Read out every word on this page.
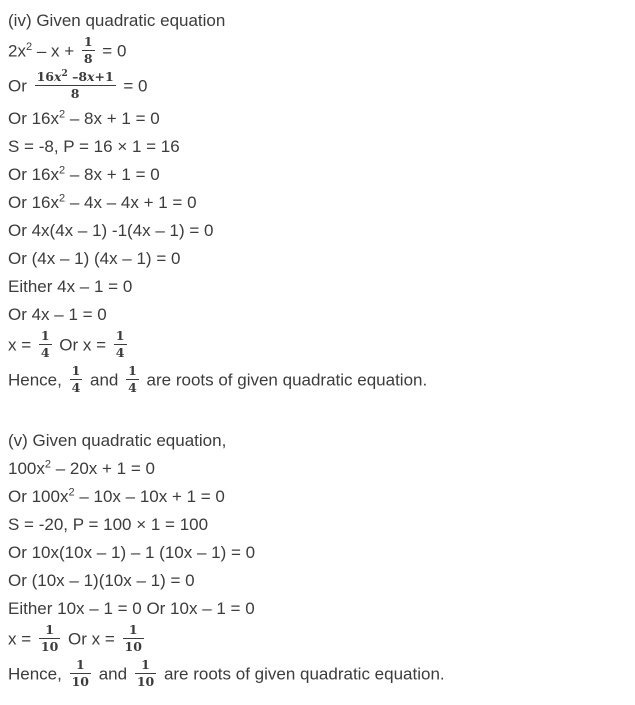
(iv) Given quadratic equation
$2x^2 - x + \frac{1}{8} = 0$
Or $\frac{16x^2 -8x+1}{8} = 0$
Or $16x^2 - 8x + 1 = 0$
S = -8, P = 16 × 1 = 16
Or $16x^2 - 8x + 1 = 0$
Or $16x^2 - 4x - 4x + 1 = 0$
Or 4x(4x – 1) -1(4x – 1) = 0
Or (4x – 1) (4x – 1) = 0
Either 4x – 1 = 0
Or 4x – 1 = 0
$x = \frac{1}{4}$ Or $x = \frac{1}{4}$
Hence, $\frac{1}{4}$ and $\frac{1}{4}$ are roots of given quadratic equation.
(v) Given quadratic equation,
$100x^2 - 20x + 1 = 0$
Or $100x^2 - 10x - 10x + 1 = 0$
S = -20, P = 100 × 1 = 100
Or 10x(10x – 1) – 1 (10x – 1) = 0
Or (10x – 1)(10x – 1) = 0
Either 10x – 1 = 0 Or 10x – 1 = 0
$x = \frac{1}{10}$ Or $x = \frac{1}{10}$
Hence, $\frac{1}{10}$ and $\frac{1}{10}$ are roots of given quadratic equation.
